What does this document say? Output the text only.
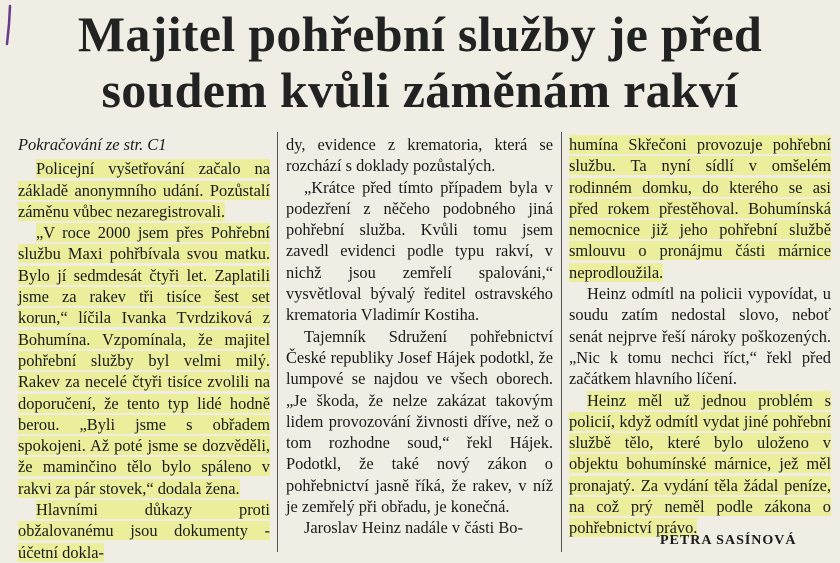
Majitel pohřební služby je před
soudem kvůli záměnám rakví

Pokračování ze str. C1

Policejní vyšetřování začalo na základě anonymního udání. Pozůstalí záměnu vůbec nezaregistrovali.

„V roce 2000 jsem přes Pohřební službu Maxi pohřbívala svou matku. Bylo jí sedmdesát čtyři let. Zaplatili jsme za rakev tři tisíce šest set korun,“ líčila Ivanka Tvrdziková z Bohumína. Vzpomínala, že majitel pohřební služby byl velmi milý. Rakev za necelé čtyři tisíce zvolili na doporučení, že tento typ lidé hodně berou. „Byli jsme s obřadem spokojeni. Až poté jsme se dozvěděli, že maminčino tělo bylo spáleno v rakvi za pár stovek,“ dodala žena.

Hlavními důkazy proti obžalovanému jsou dokumenty - účetní dokla-

dy, evidence z krematoria, která se rozchází s doklady pozůstalých.

„Krátce před tímto případem byla v podezření z něčeho podobného jiná pohřební služba. Kvůli tomu jsem zavedl evidenci podle typu rakví, v nichž jsou zemřelí spalováni,“ vysvětloval bývalý ředitel ostravského krematoria Vladimír Kostiha.

Tajemník Sdružení pohřebnictví České republiky Josef Hájek podotkl, že lumpové se najdou ve všech oborech. „Je škoda, že nelze zakázat takovým lidem provozování živnosti dříve, než o tom rozhodne soud,“ řekl Hájek. Podotkl, že také nový zákon o pohřebnictví jasně říká, že rakev, v níž je zemřelý při obřadu, je konečná.

Jaroslav Heinz nadále v části Bo-

humína Skřečoni provozuje pohřební službu. Ta nyní sídlí v omšelém rodinném domku, do kterého se asi před rokem přestěhoval. Bohumínská nemocnice již jeho pohřební službě smlouvu o pronájmu části márnice neprodloužila.

Heinz odmítl na policii vypovídat, u soudu zatím nedostal slovo, neboť senát nejprve řeší nároky poškozených. „Nic k tomu nechci říct,“ řekl před začátkem hlavního líčení.

Heinz měl už jednou problém s policií, když odmítl vydat jiné pohřební službě tělo, které bylo uloženo v objektu bohumínské márnice, jež měl pronajatý. Za vydání těla žádal peníze, na což prý neměl podle zákona o pohřebnictví právo.

PETRA SASÍNOVÁ
